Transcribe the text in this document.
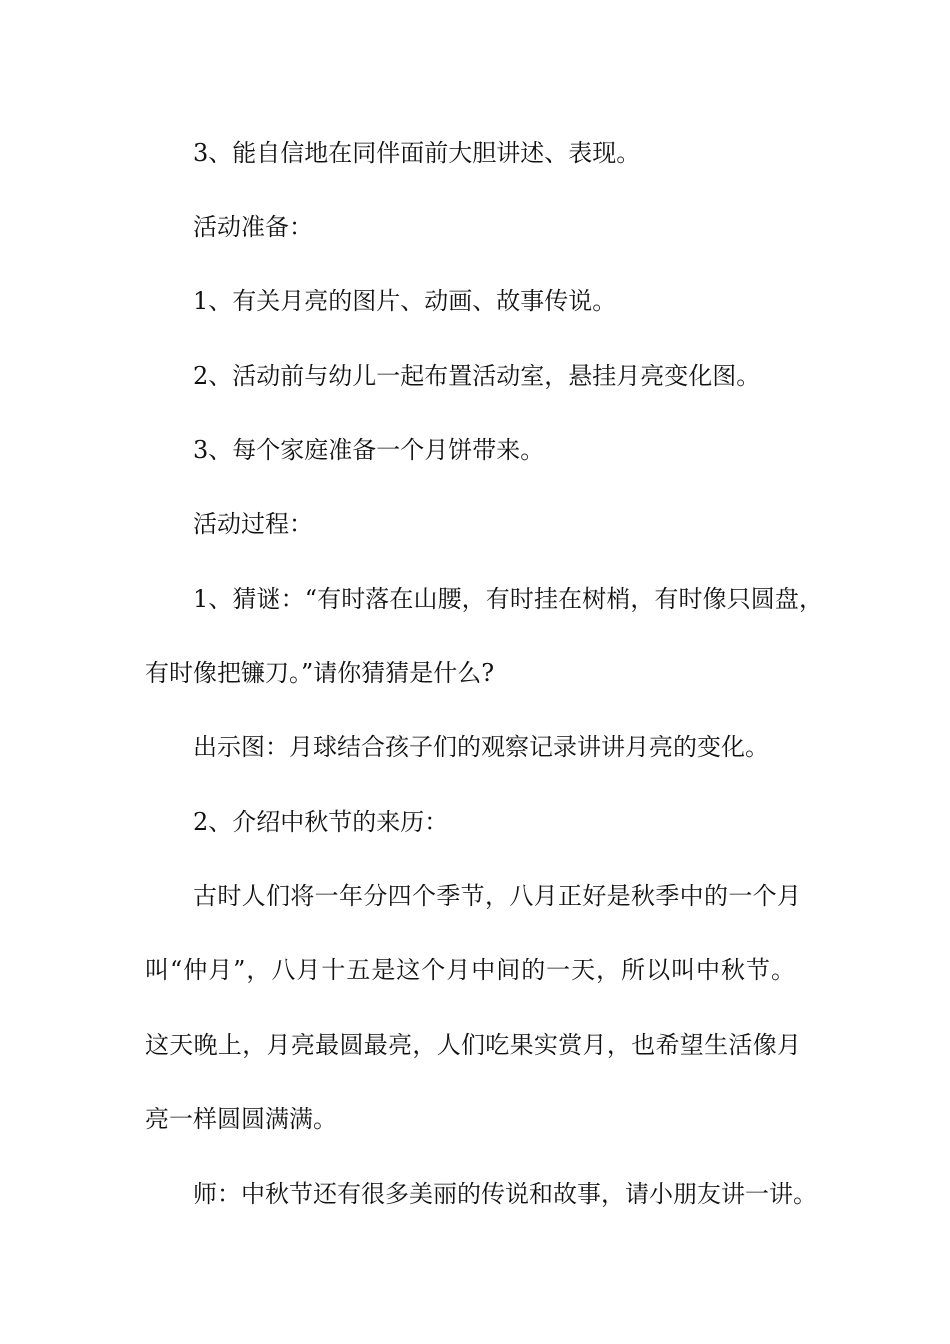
3、能自信地在同伴面前大胆讲述、表现。
活动准备：
1、有关月亮的图片、动画、故事传说。
2、活动前与幼儿一起布置活动室，悬挂月亮变化图。
3、每个家庭准备一个月饼带来。
活动过程：
1、猜谜：“有时落在山腰，有时挂在树梢，有时像只圆盘，
有时像把镰刀。”请你猜猜是什么?
出示图：月球结合孩子们的观察记录讲讲月亮的变化。
2、介绍中秋节的来历：
古时人们将一年分四个季节，八月正好是秋季中的一个月
叫“仲月”，八月十五是这个月中间的一天，所以叫中秋节。
这天晚上，月亮最圆最亮，人们吃果实赏月，也希望生活像月
亮一样圆圆满满。
师：中秋节还有很多美丽的传说和故事，请小朋友讲一讲。
